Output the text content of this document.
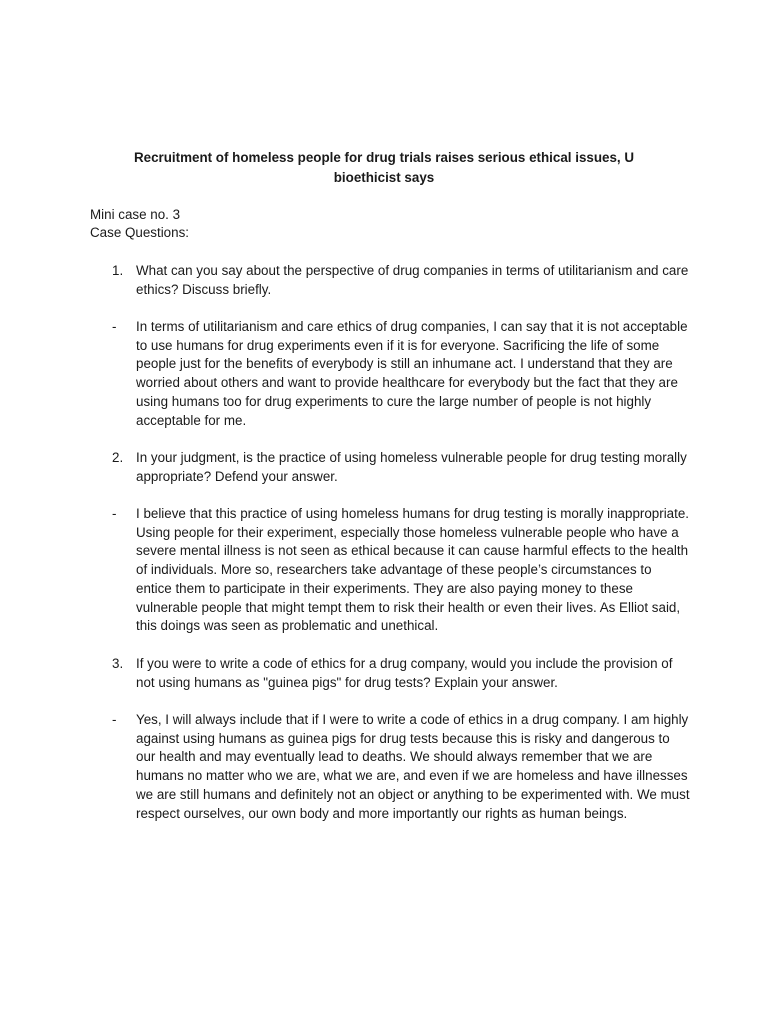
Recruitment of homeless people for drug trials raises serious ethical issues, U bioethicist says
Mini case no. 3
Case Questions:
1. What can you say about the perspective of drug companies in terms of utilitarianism and care ethics? Discuss briefly.
- In terms of utilitarianism and care ethics of drug companies, I can say that it is not acceptable to use humans for drug experiments even if it is for everyone. Sacrificing the life of some people just for the benefits of everybody is still an inhumane act. I understand that they are worried about others and want to provide healthcare for everybody but the fact that they are using humans too for drug experiments to cure the large number of people is not highly acceptable for me.
2. In your judgment, is the practice of using homeless vulnerable people for drug testing morally appropriate? Defend your answer.
- I believe that this practice of using homeless humans for drug testing is morally inappropriate. Using people for their experiment, especially those homeless vulnerable people who have a severe mental illness is not seen as ethical because it can cause harmful effects to the health of individuals. More so, researchers take advantage of these people’s circumstances to entice them to participate in their experiments. They are also paying money to these vulnerable people that might tempt them to risk their health or even their lives. As Elliot said, this doings was seen as problematic and unethical.
3. If you were to write a code of ethics for a drug company, would you include the provision of not using humans as "guinea pigs" for drug tests? Explain your answer.
- Yes, I will always include that if I were to write a code of ethics in a drug company. I am highly against using humans as guinea pigs for drug tests because this is risky and dangerous to our health and may eventually lead to deaths. We should always remember that we are humans no matter who we are, what we are, and even if we are homeless and have illnesses we are still humans and definitely not an object or anything to be experimented with. We must respect ourselves, our own body and more importantly our rights as human beings.
